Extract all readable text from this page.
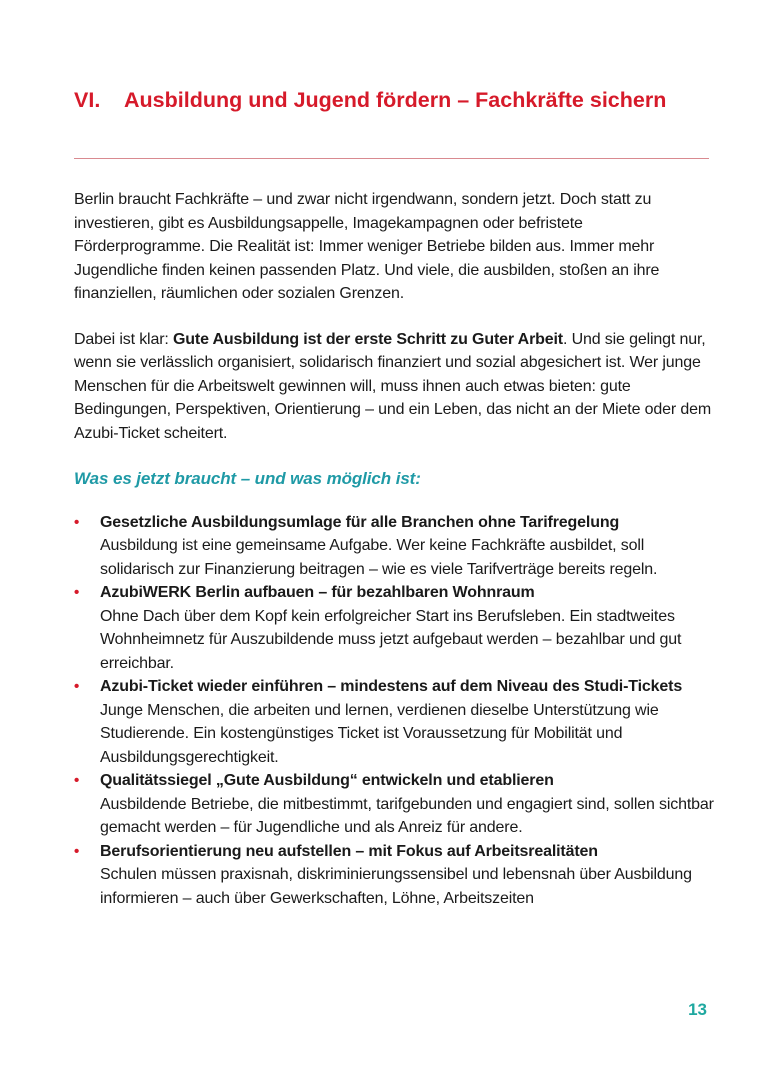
VI. Ausbildung und Jugend fördern – Fachkräfte sichern

Berlin braucht Fachkräfte – und zwar nicht irgendwann, sondern jetzt. Doch statt zu investieren, gibt es Ausbildungsappelle, Imagekampagnen oder befristete Förderprogramme. Die Realität ist: Immer weniger Betriebe bilden aus. Immer mehr Jugendliche finden keinen passenden Platz. Und viele, die ausbilden, stoßen an ihre finanziellen, räumlichen oder sozialen Grenzen.

Dabei ist klar: Gute Ausbildung ist der erste Schritt zu Guter Arbeit. Und sie gelingt nur, wenn sie verlässlich organisiert, solidarisch finanziert und sozial abgesichert ist. Wer junge Menschen für die Arbeitswelt gewinnen will, muss ihnen auch etwas bieten: gute Bedingungen, Perspektiven, Orientierung – und ein Leben, das nicht an der Miete oder dem Azubi-Ticket scheitert.

Was es jetzt braucht – und was möglich ist:
• Gesetzliche Ausbildungsumlage für alle Branchen ohne Tarifregelung
Ausbildung ist eine gemeinsame Aufgabe. Wer keine Fachkräfte ausbildet, soll solidarisch zur Finanzierung beitragen – wie es viele Tarifverträge bereits regeln.
• AzubiWERK Berlin aufbauen – für bezahlbaren Wohnraum
Ohne Dach über dem Kopf kein erfolgreicher Start ins Berufsleben. Ein stadtweites Wohnheimnetz für Auszubildende muss jetzt aufgebaut werden – bezahlbar und gut erreichbar.
• Azubi-Ticket wieder einführen – mindestens auf dem Niveau des Studi-Tickets
Junge Menschen, die arbeiten und lernen, verdienen dieselbe Unterstützung wie Studierende. Ein kostengünstiges Ticket ist Voraussetzung für Mobilität und Ausbildungsgerechtigkeit.
• Qualitätssiegel „Gute Ausbildung“ entwickeln und etablieren
Ausbildende Betriebe, die mitbestimmt, tarifgebunden und engagiert sind, sollen sichtbar gemacht werden – für Jugendliche und als Anreiz für andere.
• Berufsorientierung neu aufstellen – mit Fokus auf Arbeitsrealitäten
Schulen müssen praxisnah, diskriminierungssensibel und lebensnah über Ausbildung informieren – auch über Gewerkschaften, Löhne, Arbeitszeiten
13
